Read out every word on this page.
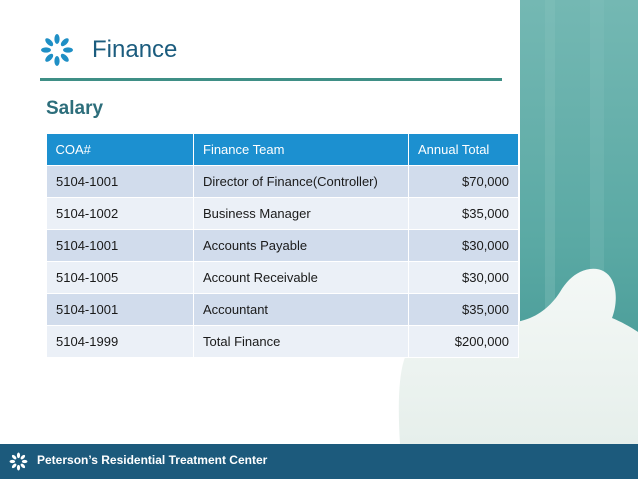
Finance
Salary
COA#	Finance Team	Annual Total
5104-1001	Director of Finance(Controller)	$70,000
5104-1002	Business Manager	$35,000
5104-1001	Accounts Payable	$30,000
5104-1005	Account Receivable	$30,000
5104-1001	Accountant	$35,000
5104-1999	Total Finance	$200,000
Peterson’s Residential Treatment Center
